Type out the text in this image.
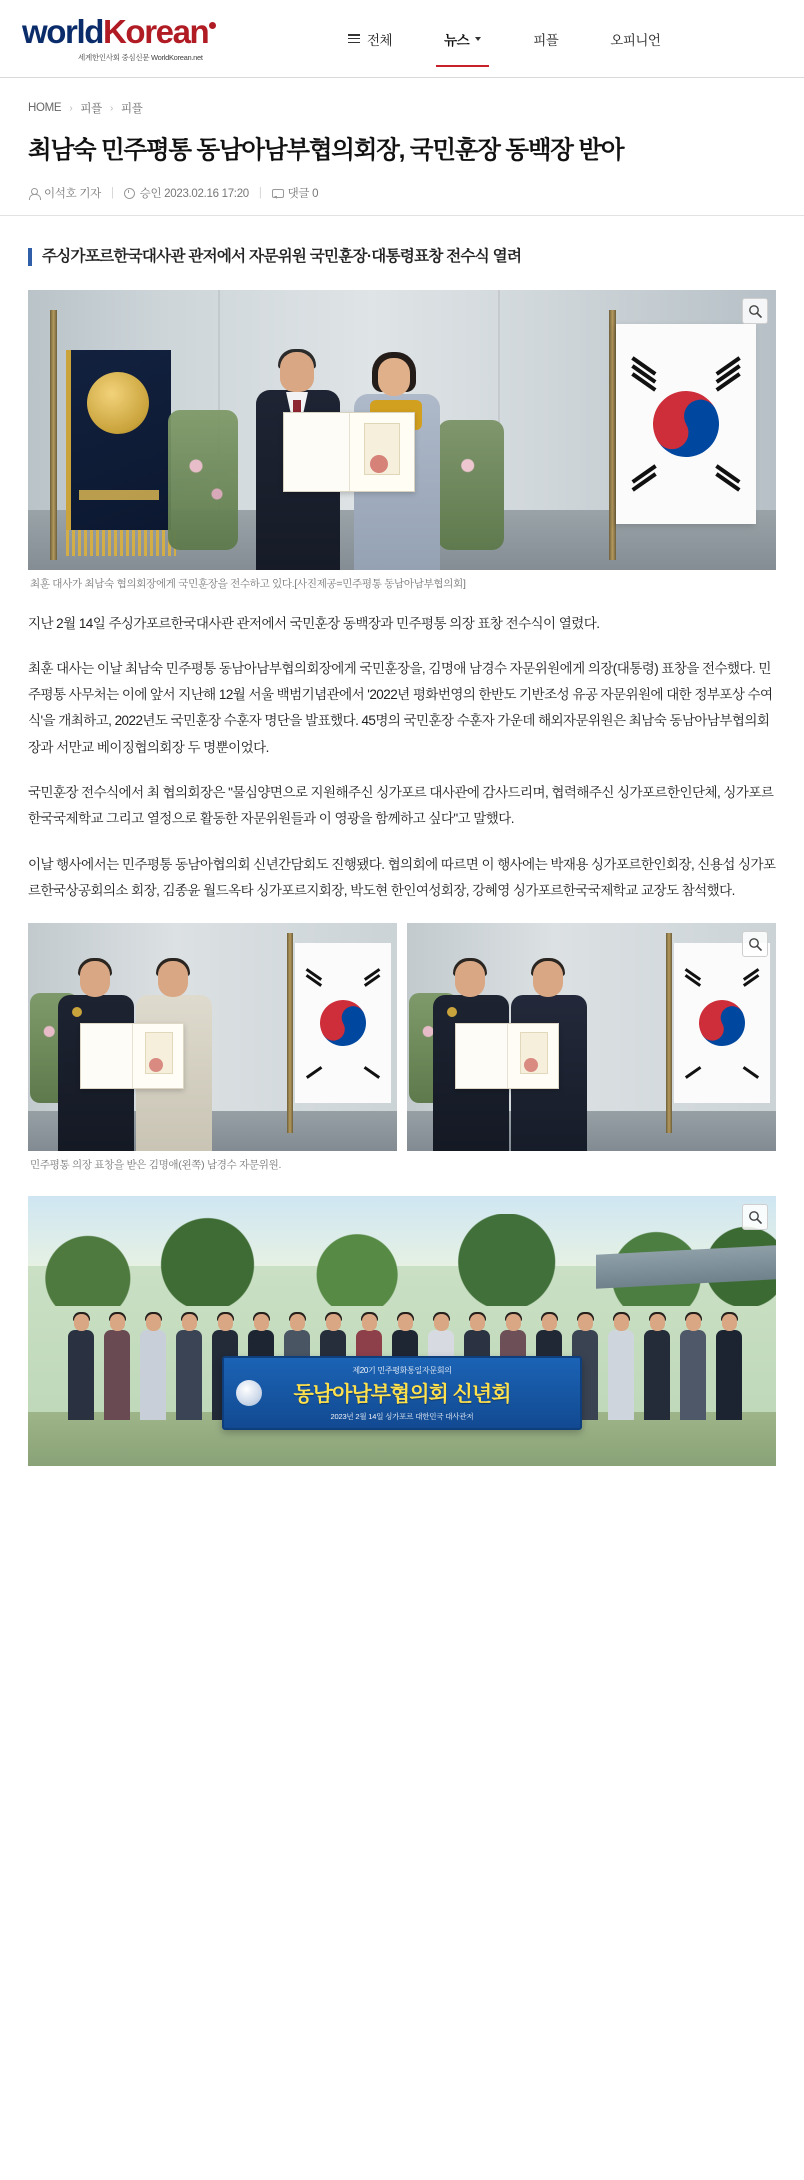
worldKorean
세계한인사회 중심신문 WorldKorean.net
전체	뉴스	피플	오피니언
HOME › 피플 › 피플
최남숙 민주평통 동남아남부협의회장, 국민훈장 동백장 받아
이석호 기자 | 승인 2023.02.16 17:20 | 댓글 0
주싱가포르한국대사관 관저에서 자문위원 국민훈장·대통령표창 전수식 열려
최훈 대사가 최남숙 협의회장에게 국민훈장을 전수하고 있다.[사진제공=민주평통 동남아남부협의회]

지난 2월 14일 주싱가포르한국대사관 관저에서 국민훈장 동백장과 민주평통 의장 표창 전수식이 열렸다.

최훈 대사는 이날 최남숙 민주평통 동남아남부협의회장에게 국민훈장을, 김명애 남경수 자문위원에게 의장(대통령) 표창을 전수했다. 민주평통 사무처는 이에 앞서 지난해 12월 서울 백범기념관에서 '2022년 평화번영의 한반도 기반조성 유공 자문위원에 대한 정부포상 수여식'을 개최하고, 2022년도 국민훈장 수훈자 명단을 발표했다. 45명의 국민훈장 수훈자 가운데 해외자문위원은 최남숙 동남아남부협의회장과 서만교 베이징협의회장 두 명뿐이었다.

국민훈장 전수식에서 최 협의회장은 "물심양면으로 지원해주신 싱가포르 대사관에 감사드리며, 협력해주신 싱가포르한인단체, 싱가포르한국국제학교 그리고 열정으로 활동한 자문위원들과 이 영광을 함께하고 싶다"고 말했다.

이날 행사에서는 민주평통 동남아협의회 신년간담회도 진행됐다. 협의회에 따르면 이 행사에는 박재용 싱가포르한인회장, 신용섭 싱가포르한국상공회의소 회장, 김종윤 월드옥타 싱가포르지회장, 박도현 한인여성회장, 강혜영 싱가포르한국국제학교 교장도 참석했다.

민주평통 의장 표창을 받은 김명애(왼쪽) 남경수 자문위원.
제20기 민주평화통일자문회의
동남아남부협의회 신년회
2023년 2월 14일 싱가포르 대한민국 대사관저
